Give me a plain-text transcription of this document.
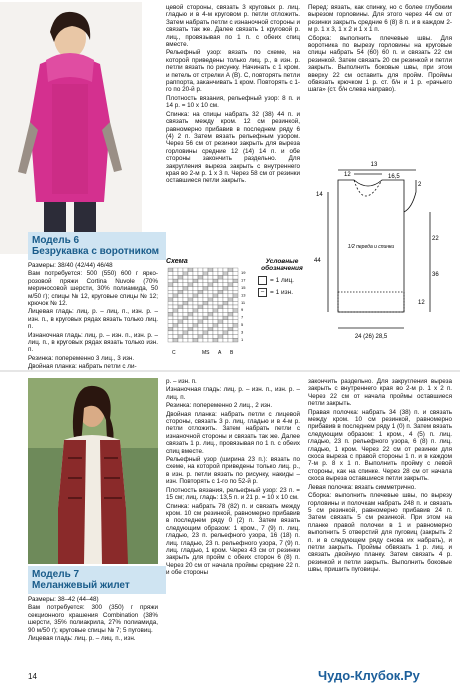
Модель 6
Безрукавка с воротником

Размеры: 38/40 (42/44) 46/48

Вам потребуется: 500 (550) 600 г ярко-розовой пряжи Cortina Nuvole (70% мериносовой шерсти, 30% полиамида, 50 м/50 г); спицы № 12, круговые спицы № 12; крючок № 12.

Лицевая гладь: лиц. р. – лиц. п., изн. р. – изн. п., в круговых рядах вязать только лиц. п.

Изнаночная гладь: лиц. р. – изн. п., изн. р. – лиц. п., в круговых рядах вязать только изн. п.

Резинка: попеременно 3 лиц., 3 изн.

Двойная планка: набрать петли с ли-

цевой стороны, связать 3 круговых р. лиц. гладью и в 4-м круговом р. петли отложить. Затем набрать петли с изнаночной стороны и связать так же. Далее связать 1 круговой р. лиц., провязывая по 1 п. с обеих спиц вместе.

Рельефный узор: вязать по схеме, на которой приведены только лиц. р., в изн. р. петли вязать по рисунку. Начинать с 1 кром. и петель от стрелки А (В). С, повторять петли раппорта, заканчивать 1 кром. Повторять с 1-го по 20-й р.

Плотность вязания, рельефный узор: 8 п. и 14 р. = 10 х 10 см.

Спинка: на спицы набрать 32 (38) 44 п. и связать между кром. 12 см резинкой, равномерно прибавив в последнем ряду 6 (4) 2 п. Затем вязать рельефным узором. Через 56 см от резинки закрыть для выреза горловины средние 12 (14) 14 п. и обе стороны закончить раздельно. Для закругления выреза закрыть с внутреннего края во 2-м р. 1 х 3 п. Через 58 см от резинки оставшиеся петли закрыть.

Перед: вязать, как спинку, но с более глубоким вырезом горловины. Для этого через 44 см от резинки закрыть средние 6 (8) 8 п. и в каждом 2-м р. 1 х 3, 1 х 2 и 1 х 1 п.

Сборка: выполнить плечевые швы. Для воротника по вырезу горловины на круговые спицы набрать 54 (60) 60 п. и связать 22 см резинкой. Затем связать 20 см резинкой и петли закрыть. Выполнить боковые швы, при этом вверху 22 см оставить для пройм. Проймы обвязать крючком 1 р. ст. б/н и 1 р. «рачьего шага» (ст. б/н слева направо).

13
12	16,5
2
14
22
44
36
12
1/2 переда и спинки
24 (26) 28,5
Схема
19
17
15
13
11
9
7
5
3
1
C	MS A B
Условные обозначения
= 1 лиц.
– = 1 изн.
Модель 7
Меланжевый жилет

Размеры: 38–42 (44–48)

Вам потребуется: 300 (350) г пряжи секционного крашения Combination (38% шерсти, 35% полиакрила, 27% полиамида, 90 м/50 г); круговые спицы № 7; 5 пуговиц.

Лицевая гладь: лиц. р. – лиц. п., изн.

р. – изн. п.

Изнаночная гладь: лиц. р. – изн. п., изн. р. – лиц. п.

Резинка: попеременно 2 лиц., 2 изн.

Двойная планка: набрать петли с лицевой стороны, связать 3 р. лиц. гладью и в 4-м р. петли отложить. Затем набрать петли с изнаночной стороны и связать так же. Далее связать 1 р. лиц., провязывая по 1 п. с обеих спиц вместе.

Рельефный узор (ширина 23 п.): вязать по схеме, на которой приведены только лиц. р., в изн. р. петли вязать по рисунку, накиды – изн. Повторять с 1-го по 52-й р.

Плотность вязания, рельефный узор: 23 п. = 15 см; лиц. гладь: 13,5 п. и 21 р. = 10 х 10 см.

Спинка: набрать 78 (82) п. и связать между кром. 10 см резинкой, равномерно прибавив в последнем ряду 0 (2) п. Затем вязать следующим образом: 1 кром., 7 (9) п. лиц. гладью, 23 п. рельефного узора, 16 (18) п. лиц. гладью, 23 п. рельефного узора, 7 (9) п. лиц. гладью, 1 кром. Через 43 см от резинки закрыть для пройм с обеих сторон 6 (8) п. Через 20 см от начала проймы средние 22 п. и обе стороны

закончить раздельно. Для закругления выреза закрыть с внутреннего края во 2-м р. 1 х 2 п. Через 22 см от начала проймы оставшиеся петли закрыть.

Правая полочка: набрать 34 (38) п. и связать между кром. 10 см резинкой, равномерно прибавив в последнем ряду 1 (0) п. Затем вязать следующим образом: 1 кром., 4 (5) п. лиц. гладью, 23 п. рельефного узора, 6 (8) п. лиц. гладью, 1 кром. Через 22 см от резинки для скоса выреза с правой стороны 1 п. и в каждом 7-м р. 8 х 1 п. Выполнить пройму с левой стороны, как на спинке. Через 28 см от начала скоса выреза оставшиеся петли закрыть.

Левая полочка: вязать симметрично.

Сборка: выполнить плечевые швы, по вырезу горловины и полочкам набрать 248 п. и связать 5 см резинкой, равномерно прибавив 24 п. Затем связать 5 см резинкой. При этом на планке правой полочки в 1 и равномерно выполнить 5 отверстий для пуговиц (закрыть 2 п. и в следующем ряду снова их набрать), и петли закрыть. Проймы обвязать 1 р. лиц. и связать двойную планку. Затем связать 4 р. резинкой и петли закрыть. Выполнить боковые швы, пришить пуговицы.

14	Чудо-Клубок.Ру
